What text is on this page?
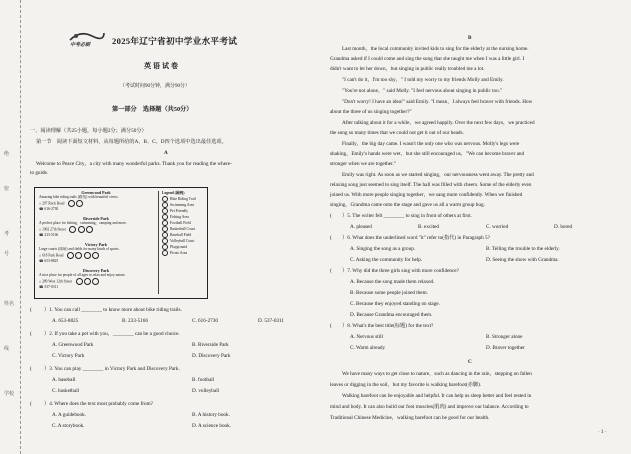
绝
密
考
号
姓名
线
学校
中考必刷	2025年辽宁省初中学业水平考试
英语试卷
（考试时间90分钟，满分90分）
第一部分　选择题（共50分）
一、阅读理解（共25小题，每小题2分；满分50分）
第一节　阅读下面短文材料，从每题所给的A、B、C、D四个选项中选出最佳选项。
A
Welcome to Peace City，a city with many wonderful parks. Thank you for reading the where-
to guide.
Greenwood Park
Amazing bike riding trails (路线) with beautiful views.
⌂ 297 Rock Road　
☎ 616-2730
Riverside Park
A perfect place for fishing，swimming，camping and more.
⌂ 1902 27th Street　
☎ 233-5166
Victory Park
Large courts (球场) and fields for many kinds of sports.
⌂ 618 Park Road　
☎ 653-8825
Discovery Park
A nice place for people of all ages to relax and enjoy nature.
⌂ 289 West 12th Street　
☎ 537-0311
Legend (图例)
Bike Riding Trail
Swimming Area
Pet Friendly
Fishing Area
Football Field
Basketball Court
Baseball Field
Volleyball Court
Playground
Picnic Area
( ）1. You can call ________ to know more about bike riding trails.
A. 653-8825	B. 233-5166	C. 616-2730	D. 537-0311
( ）2. If you take a pet with you，________ can be a good choice.
A. Greenwood Park	B. Riverside Park
C. Victory Park	D. Discovery Park
( ）3. You can play ________ in Victory Park and Discovery Park.
A. baseball	B. football
C. basketball	D. volleyball
( ）4. Where does the text most probably come from?
A. A guidebook.	B. A history book.
C. A storybook.	D. A science book.
B
Last month，the local community invited kids to sing for the elderly at the nursing home.
Grandma asked if I could come and sing the song that she taught me when I was a little girl. I
didn't want to let her down，but singing in public really troubled me a lot.
"I can't do it，I'm too shy，" I told my worry to my friends Molly and Emily.
"You're not alone，" said Molly. "I feel nervous about singing in public too."
"Don't worry! I have an idea!" said Emily. "I mean，I always feel braver with friends. How
about the three of us singing together?"
After talking about it for a while，we agreed happily. Over the next few days，we practiced
the song so many times that we could not get it out of our heads.
Finally，the big day came. I wasn't the only one who was nervous. Molly's legs were
shaking，Emily's hands were wet，but she still encouraged us，"We can become braver and
stronger when we are together."
Emily was right. As soon as we started singing，our nervousness went away. The pretty and
relaxing song just seemed to sing itself. The hall was filled with cheers. Some of the elderly even
joined us. With more people singing together，we sang more confidently. When we finished
singing，Grandma came onto the stage and gave us all a warm group hug.
( ）5. The writer felt ________ to sing in front of others at first.
A. pleased	B. excited	C. worried	D. bored
( ）6. What does the underlined word "it" refer to(指代) in Paragraph 5?
A. Singing the song as a group.	B. Telling the trouble to the elderly.
C. Asking the community for help.	D. Seeing the show with Grandma.
( ）7. Why did the three girls sing with more confidence?
A. Because the song made them relaxed.
B. Because some people joined them.
C. Because they enjoyed standing on stage.
D. Because Grandma encouraged them.
( ）8. What's the best title(标题) for the text?
A. Nervous still	B. Stronger alone
C. Warm already	D. Braver together
C
We have many ways to get close to nature，such as dancing in the rain，stepping on fallen
leaves or digging in the soil，but my favorite is walking barefoot(赤脚).
Walking barefoot can be enjoyable and helpful. It can help us sleep better and feel rested in
mind and body. It can also build our foot muscles(肌肉) and improve our balance. According to
Traditional Chinese Medicine，walking barefoot can be good for our health.
· 1 ·
